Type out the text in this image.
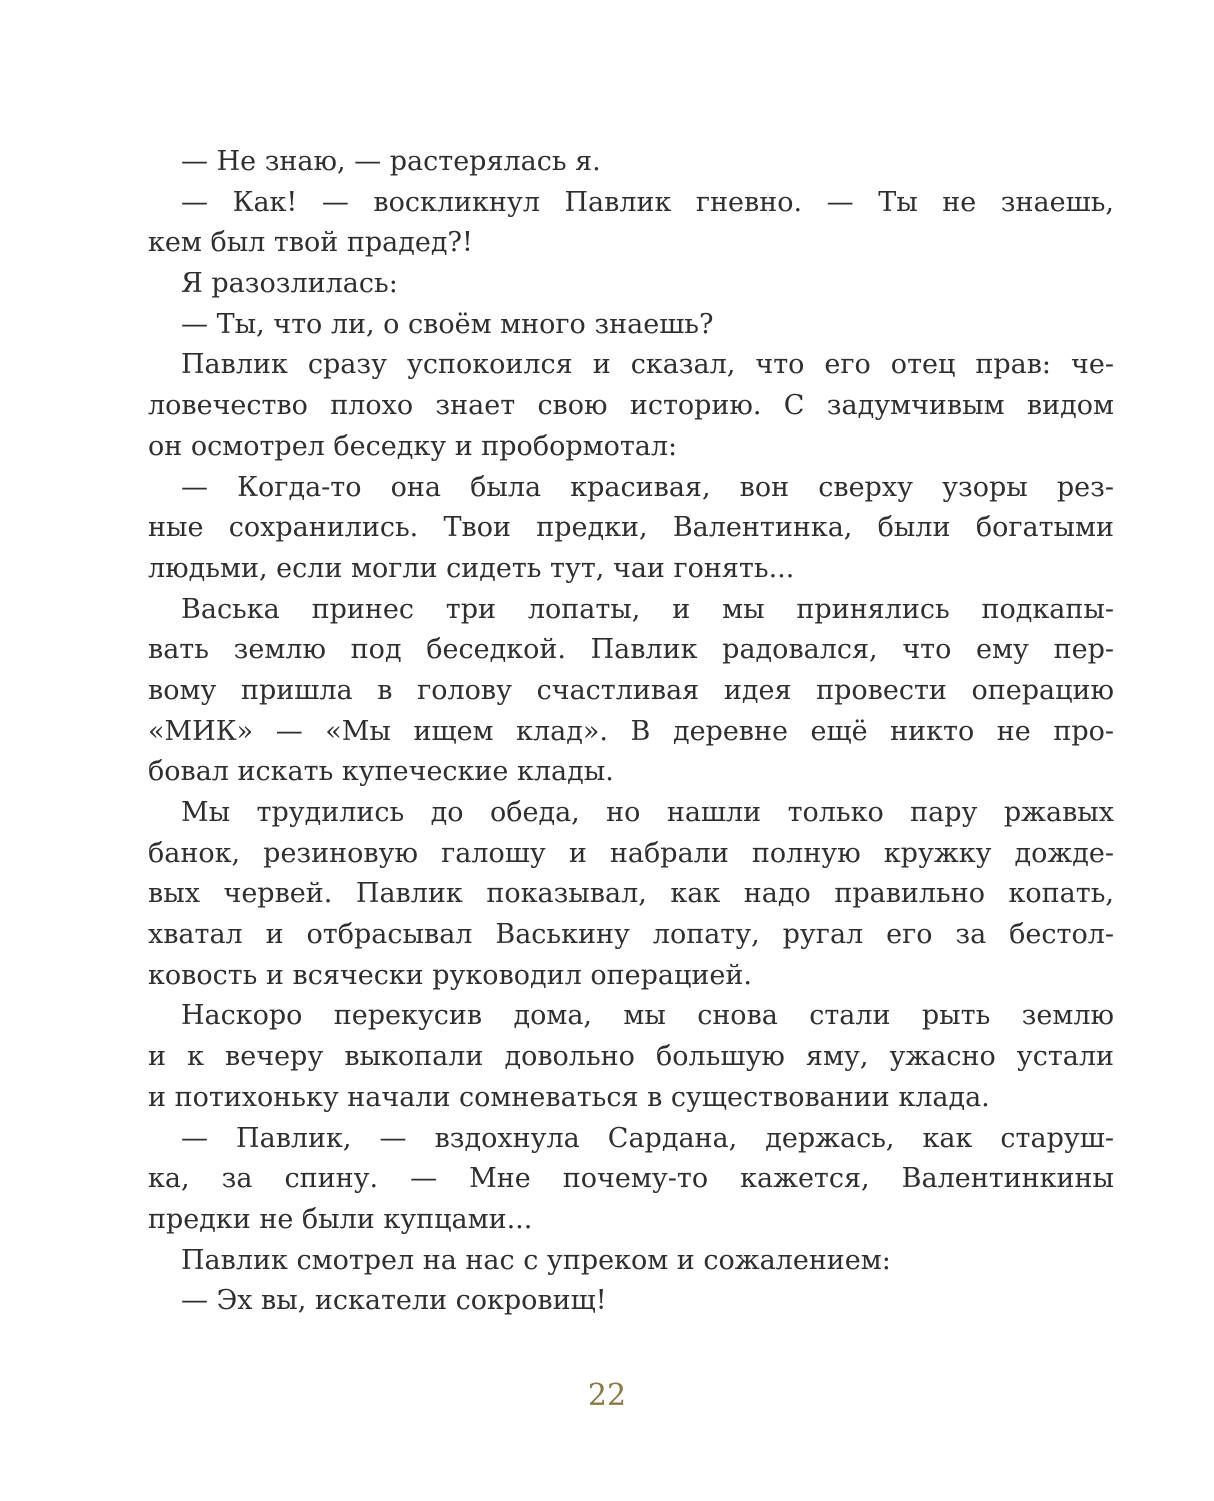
— Не знаю, — растерялась я.
— Как! — воскликнул Павлик гневно. — Ты не знаешь,
кем был твой прадед?!
Я разозлилась:
— Ты, что ли, о своём много знаешь?
Павлик сразу успокоился и сказал, что его отец прав: че-
ловечество плохо знает свою историю. С задумчивым видом
он осмотрел беседку и пробормотал:
— Когда-то она была красивая, вон сверху узоры рез-
ные сохранились. Твои предки, Валентинка, были богатыми
людьми, если могли сидеть тут, чаи гонять...
Васька принес три лопаты, и мы принялись подкапы-
вать землю под беседкой. Павлик радовался, что ему пер-
вому пришла в голову счастливая идея провести операцию
«МИК» — «Мы ищем клад». В деревне ещё никто не про-
бовал искать купеческие клады.
Мы трудились до обеда, но нашли только пару ржавых
банок, резиновую галошу и набрали полную кружку дожде-
вых червей. Павлик показывал, как надо правильно копать,
хватал и отбрасывал Васькину лопату, ругал его за бестол-
ковость и всячески руководил операцией.
Наскоро перекусив дома, мы снова стали рыть землю
и к вечеру выкопали довольно большую яму, ужасно устали
и потихоньку начали сомневаться в существовании клада.
— Павлик, — вздохнула Сардана, держась, как старуш-
ка, за спину. — Мне почему-то кажется, Валентинкины
предки не были купцами...
Павлик смотрел на нас с упреком и сожалением:
— Эх вы, искатели сокровищ!
22
